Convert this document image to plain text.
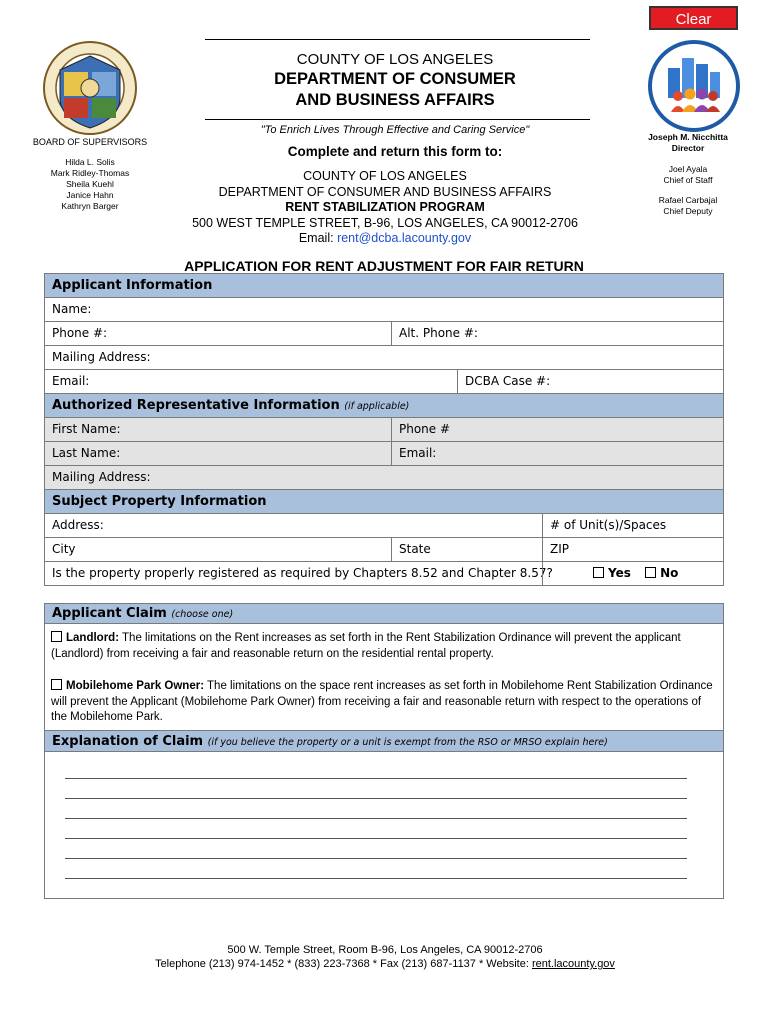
Clear
COUNTY OF LOS ANGELES
DEPARTMENT OF CONSUMER
AND BUSINESS AFFAIRS
"To Enrich Lives Through Effective and Caring Service"
BOARD OF SUPERVISORS
Hilda L. Solis
Mark Ridley-Thomas
Sheila Kuehl
Janice Hahn
Kathryn Barger
Joseph M. Nicchitta
Director
Joel Ayala
Chief of Staff
Rafael Carbajal
Chief Deputy
Complete and return this form to:
COUNTY OF LOS ANGELES
DEPARTMENT OF CONSUMER AND BUSINESS AFFAIRS
RENT STABILIZATION PROGRAM
500 WEST TEMPLE STREET, B-96, LOS ANGELES, CA 90012-2706
Email: rent@dcba.lacounty.gov
APPLICATION FOR RENT ADJUSTMENT FOR FAIR RETURN
Applicant Information
Name:
Phone #:	Alt. Phone #:
Mailing Address:
Email:	DCBA Case #:
Authorized Representative Information (if applicable)
First Name:	Phone #
Last Name:	Email:
Mailing Address:
Subject Property Information
Address:	# of Unit(s)/Spaces
City	State	ZIP
Is the property properly registered as required by Chapters 8.52 and Chapter 8.57?	Yes No
Applicant Claim (choose one)
Landlord: The limitations on the Rent increases as set forth in the Rent Stabilization Ordinance will prevent the applicant (Landlord) from receiving a fair and reasonable return on the residential rental property.
Mobilehome Park Owner: The limitations on the space rent increases as set forth in Mobilehome Rent Stabilization Ordinance will prevent the Applicant (Mobilehome Park Owner) from receiving a fair and reasonable return with respect to the operations of the Mobilehome Park.
Explanation of Claim (if you believe the property or a unit is exempt from the RSO or MRSO explain here)
500 W. Temple Street, Room B-96, Los Angeles, CA 90012-2706
Telephone (213) 974-1452 * (833) 223-7368 * Fax (213) 687-1137 * Website: rent.lacounty.gov
